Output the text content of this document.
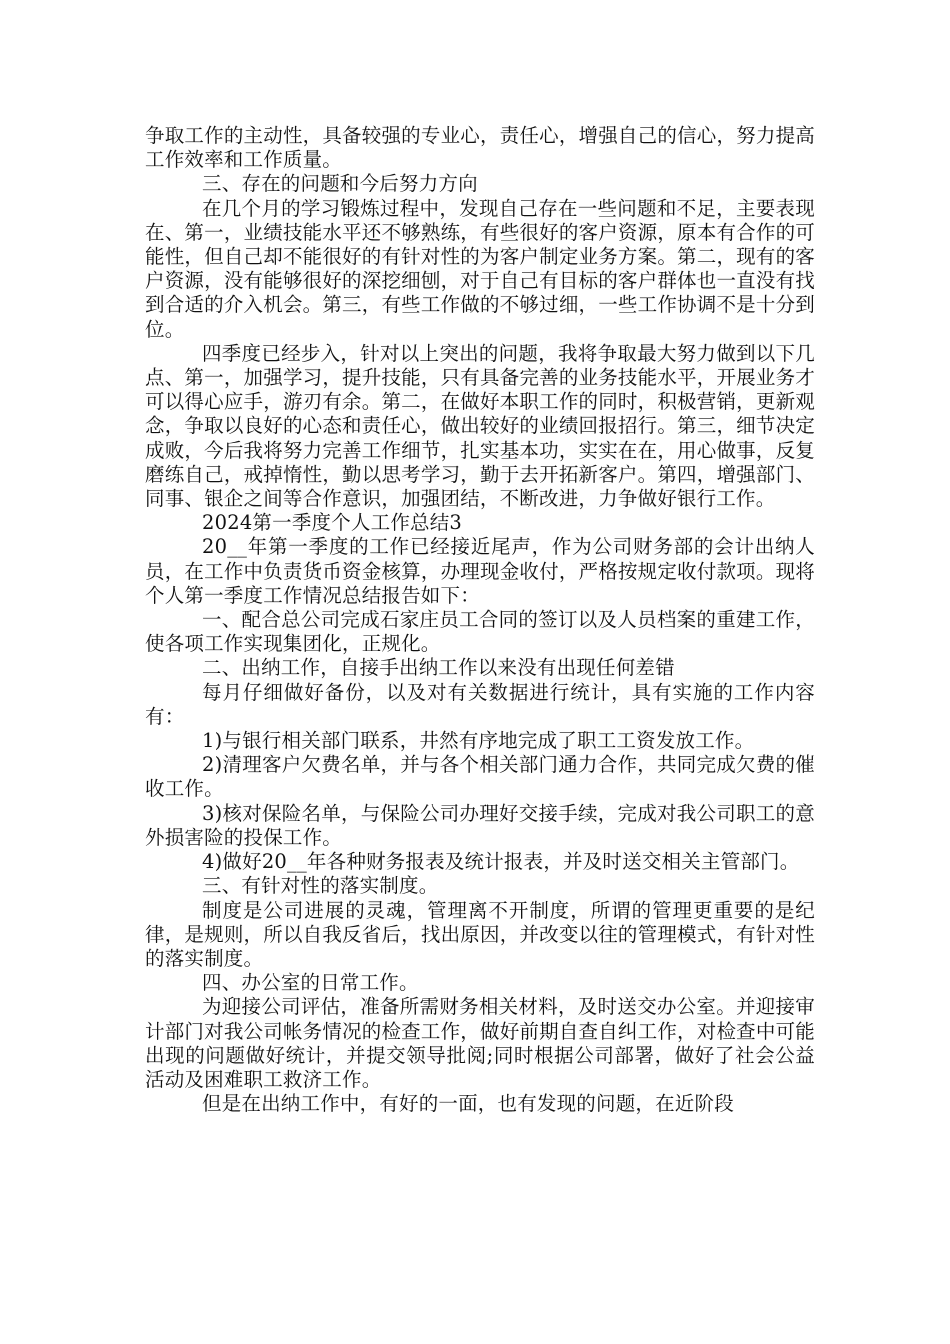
争取工作的主动性，具备较强的专业心，责任心，增强自己的信心，努力提高工作效率和工作质量。

三、存在的问题和今后努力方向

在几个月的学习锻炼过程中，发现自己存在一些问题和不足，主要表现在、第一，业绩技能水平还不够熟练，有些很好的客户资源，原本有合作的可能性，但自己却不能很好的有针对性的为客户制定业务方案。第二，现有的客户资源，没有能够很好的深挖细刨，对于自己有目标的客户群体也一直没有找到合适的介入机会。第三，有些工作做的不够过细，一些工作协调不是十分到位。

四季度已经步入，针对以上突出的问题，我将争取最大努力做到以下几点、第一，加强学习，提升技能，只有具备完善的业务技能水平，开展业务才可以得心应手，游刃有余。第二，在做好本职工作的同时，积极营销，更新观念，争取以良好的心态和责任心，做出较好的业绩回报招行。第三，细节决定成败，今后我将努力完善工作细节，扎实基本功，实实在在，用心做事，反复磨练自己，戒掉惰性，勤以思考学习，勤于去开拓新客户。第四，增强部门、同事、银企之间等合作意识，加强团结，不断改进，力争做好银行工作。

2024第一季度个人工作总结3

20__年第一季度的工作已经接近尾声，作为公司财务部的会计出纳人员，在工作中负责货币资金核算，办理现金收付，严格按规定收付款项。现将个人第一季度工作情况总结报告如下：

一、配合总公司完成石家庄员工合同的签订以及人员档案的重建工作，使各项工作实现集团化，正规化。

二、出纳工作，自接手出纳工作以来没有出现任何差错

每月仔细做好备份，以及对有关数据进行统计，具有实施的工作内容有：

1)与银行相关部门联系，井然有序地完成了职工工资发放工作。

2)清理客户欠费名单，并与各个相关部门通力合作，共同完成欠费的催收工作。

3)核对保险名单，与保险公司办理好交接手续，完成对我公司职工的意外损害险的投保工作。

4)做好20__年各种财务报表及统计报表，并及时送交相关主管部门。

三、有针对性的落实制度。

制度是公司进展的灵魂，管理离不开制度，所谓的管理更重要的是纪律，是规则，所以自我反省后，找出原因，并改变以往的管理模式，有针对性的落实制度。

四、办公室的日常工作。

为迎接公司评估，准备所需财务相关材料，及时送交办公室。并迎接审计部门对我公司帐务情况的检查工作，做好前期自查自纠工作，对检查中可能出现的问题做好统计，并提交领导批阅;同时根据公司部署，做好了社会公益活动及困难职工救济工作。

但是在出纳工作中，有好的一面，也有发现的问题，在近阶段
